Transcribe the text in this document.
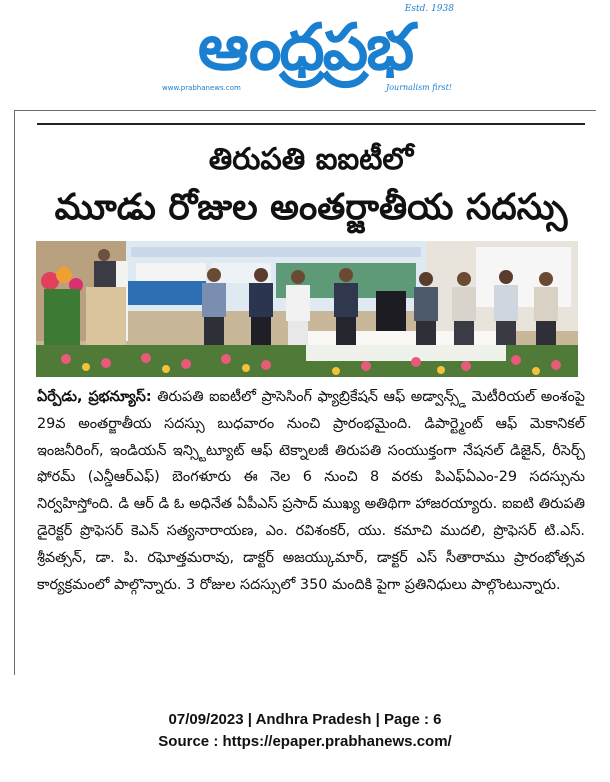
ఆంధ్రప్రభ
Estd. 1938
www.prabhanews.com	Journalism first!
తిరుపతి ఐఐటీలో
మూడు రోజుల అంతర్జాతీయ సదస్సు
ఏర్పేడు, ప్రభన్యూస్: తిరుపతి ఐఐటీలో ప్రాసెసింగ్ ఫ్యాబ్రికేషన్ ఆఫ్ అడ్వాన్స్డ్ మెటీరియల్ అంశంపై 29వ అంతర్జాతీయ సదస్సు బుధవారం నుంచి ప్రారంభమైంది. డిపార్ట్మెంట్ ఆఫ్ మెకానికల్ ఇంజనీరింగ్, ఇండియన్ ఇన్స్టిట్యూట్ ఆఫ్ టెక్నాలజీ తిరుపతి సంయుక్తంగా నేషనల్ డిజైన్, రీసెర్చ్ ఫోరమ్ (ఎన్డీఆర్ఎఫ్) బెంగళూరు ఈ నెల 6 నుంచి 8 వరకు పిఎఫ్ఏఎం-29 సదస్సును నిర్వహిస్తోంది. డి ఆర్ డి ఓ అధినేత ఏపీఎస్ ప్రసాద్ ముఖ్య అతిథిగా హాజరయ్యారు. ఐఐటి తిరుపతి డైరెక్టర్ ప్రొఫెసర్ కెఎన్ సత్యనారాయణ, ఎం. రవిశంకర్, యు. కమాచి ముదలి, ప్రొఫెసర్ టి.ఎస్. శ్రీవత్సన్, డా. పి. రఘోత్తమరావు, డాక్టర్ అజయ్కుమార్, డాక్టర్ ఎస్ సీతారాము ప్రారంభోత్సవ కార్యక్రమంలో పాల్గొన్నారు. 3 రోజుల సదస్సులో 350 మందికి పైగా ప్రతినిధులు పాల్గొంటున్నారు.
07/09/2023 | Andhra Pradesh | Page : 6
Source : https://epaper.prabhanews.com/
